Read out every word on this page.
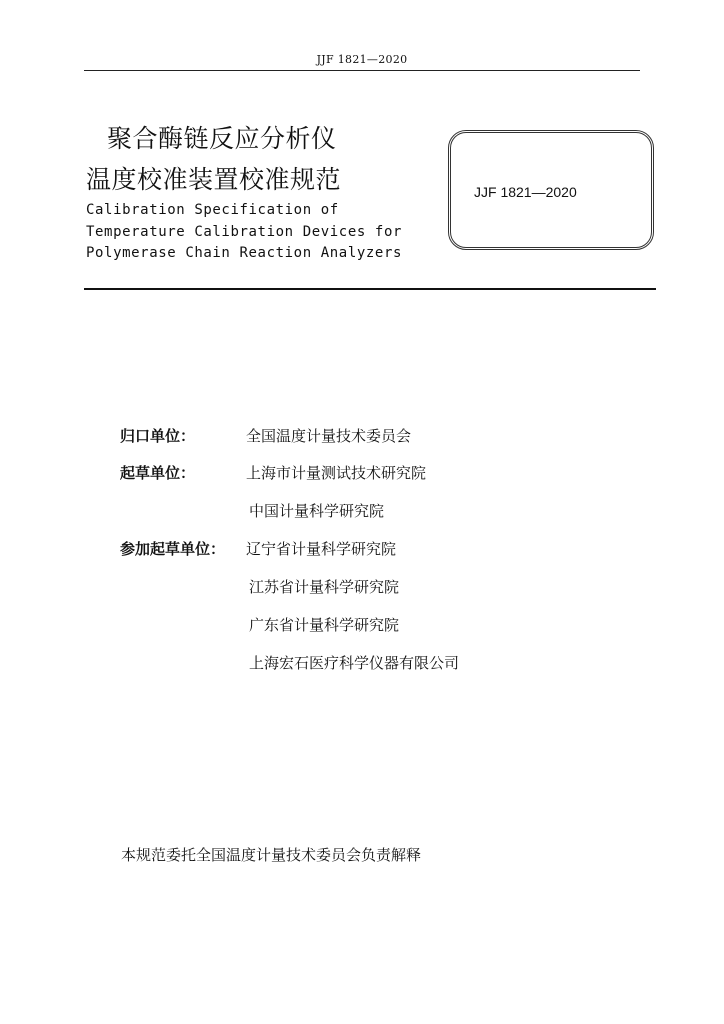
JJF 1821—2020
聚合酶链反应分析仪
温度校准装置校准规范
Calibration Specification of
Temperature Calibration Devices for
Polymerase Chain Reaction Analyzers
JJF 1821—2020
归口单位：	全国温度计量技术委员会
起草单位：	上海市计量测试技术研究院
中国计量科学研究院
参加起草单位： 辽宁省计量科学研究院
江苏省计量科学研究院
广东省计量科学研究院
上海宏石医疗科学仪器有限公司
本规范委托全国温度计量技术委员会负责解释
